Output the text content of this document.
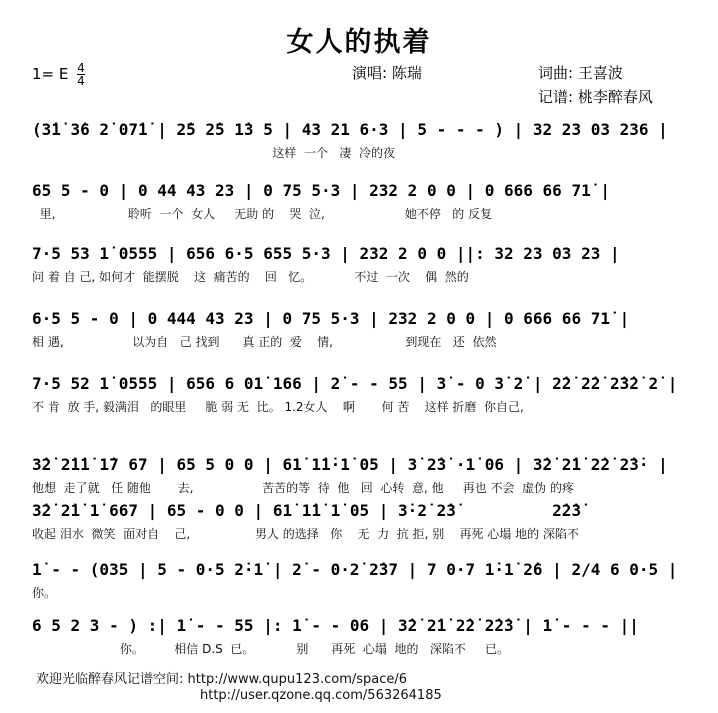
女人的执着
1= E $\frac{4}{4}$	演唱: 陈瑞	词曲: 王喜波
记谱: 桃李醉春风
(3̇1̇ 3̇6 2̇ 07̇1̇ | 2̇5 2̇5 1̇3 5 | 43 21 6·3 | 5 - - - ) | 32 23 03 236 |
这样  一个   凄  冷的夜
65 5 - 0 | 0 44 43 23 | 0 75 5·3 | 232 2 0 0 | 0 666 66 71̇ |
里,                   聆听  一个  女人     无助 的    哭  泣,                     她不停   的 反复
7·5 53 1̇ 0555 | 656 6·5 655 5·3 | 232 2 0 0 ||: 32 23 03 23 |
问 着 自 己, 如何才  能摆脱    这  痛苦的    回   忆。           不过  一次    偶  然的
6·5 5 - 0 | 0 444 43 23 | 0 75 5·3 | 232 2 0 0 | 0 666 66 71̇ |
相 遇,                  以为自   己 找到      真 正的  爱    情,                   到现在   还  依然
7·5 52 1̇ 0555 | 656 6 01̇ 166 | 2̇ - - 55 | 3̇ - 0 3̇ 2̇ | 2̇2̇ 2̇2̇ 2̇3̇2̇ 2̇ |
不 肯  放 手, 毅满泪   的眼里     脆 弱 无  比。 1.2女人    啊       何 苦    这样 折磨  你自己,
3̇2̇ 2̇1̇1̇ 1̇7 67 | 65 5 0 0 | 61̇ 1̇1̇·1̇ 05 | 3̇ 2̇3̇ ·1̇ 06 | 3̇2̇ 2̇1̇ 2̇2̇ 2̇3̇· |
他想  走了就   任 随他       去,                  苦苦的等  待  他   回  心转  意, 他     再也 不会  虚伪 的疼
3̇2̇ 2̇1̇ 1̇ 667 | 65 - 0 0 | 61̇ 1̇1̇ 1̇ 05 | 3̇·2̇ 2̇3̇          2̇2̇3̇
收起 泪水  微笑  面对自    己,                 男人 的选择   你    无  力  抗 拒, 别    再死 心塌 地的 深陷不
1̇ - - (035 | 5 - 0·5 2̇·1̇ | 2̇ - 0·2̇ 2̇37 | 7 0·7 1̇·1̇ 2̇6 | 2/4 6 0·5 |
你。
6 5 2 3 - ) :| 1̇ - - 55 |: 1̇ - - 06 | 3̇2̇ 2̇1̇ 2̇2̇ 2̇2̇3̇ | 1̇ - - - ||
你。        相信 D.S  已。           别      再死  心塌  地的   深陷不     已。
欢迎光临醉春风记谱空间: http://www.qupu123.com/space/6
http://user.qzone.qq.com/563264185
